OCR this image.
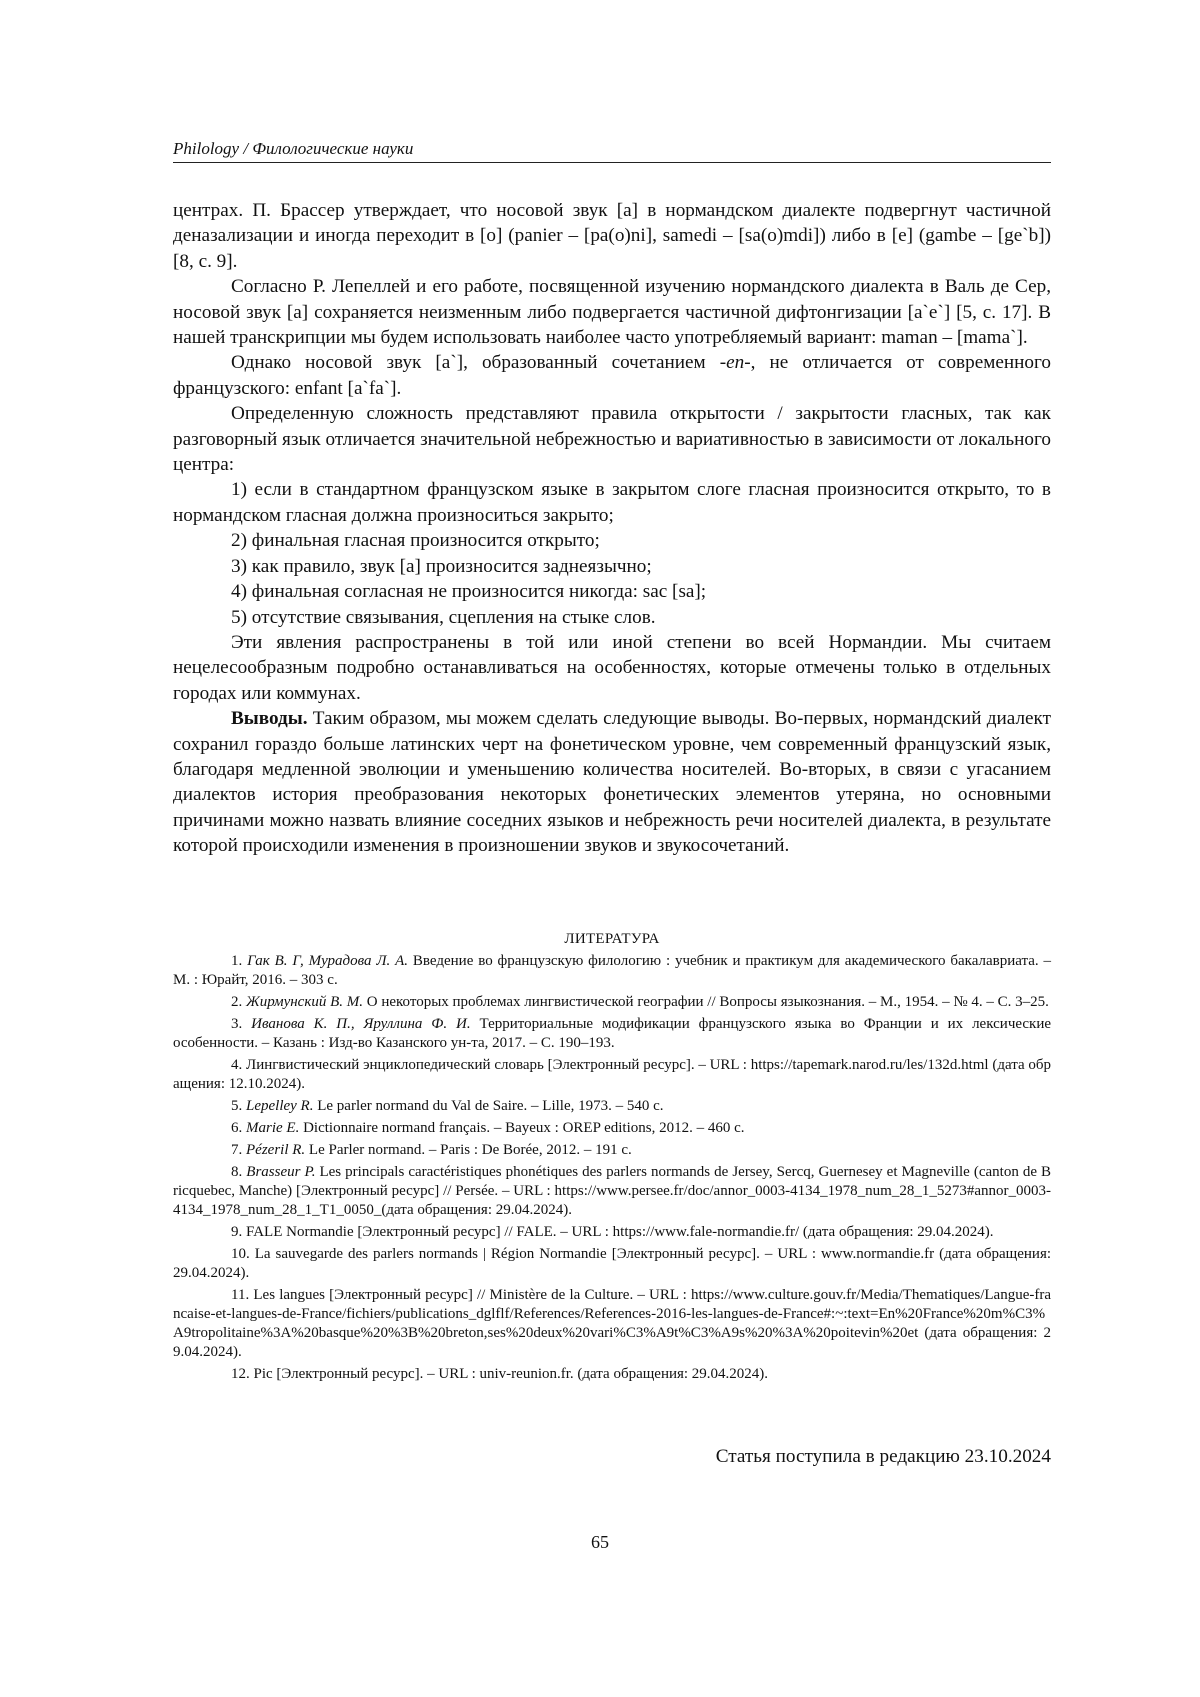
Philology / Филологические науки

центрах. П. Брассер утверждает, что носовой звук [a] в нормандском диалекте подвергнут частичной деназализации и иногда переходит в [o] (panier – [pa(o)ni], samedi – [sa(o)mdi]) либо в [e] (gambe – [ge`b]) [8, с. 9].

Согласно Р. Лепеллей и его работе, посвященной изучению нормандского диалекта в Валь де Сер, носовой звук [a] сохраняется неизменным либо подвергается частичной дифтонгизации [a`e`] [5, с. 17]. В нашей транскрипции мы будем использовать наиболее часто употребляемый вариант: maman – [mama`].

Однако носовой звук [a`], образованный сочетанием -en-, не отличается от современного французского: enfant [a`fa`].

Определенную сложность представляют правила открытости / закрытости гласных, так как разговорный язык отличается значительной небрежностью и вариативностью в зависимости от локального центра:

1) если в стандартном французском языке в закрытом слоге гласная произносится открыто, то в нормандском гласная должна произноситься закрыто;

2) финальная гласная произносится открыто;

3) как правило, звук [a] произносится заднеязычно;

4) финальная согласная не произносится никогда: sac [sa];

5) отсутствие связывания, сцепления на стыке слов.

Эти явления распространены в той или иной степени во всей Нормандии. Мы считаем нецелесообразным подробно останавливаться на особенностях, которые отмечены только в отдельных городах или коммунах.

Выводы. Таким образом, мы можем сделать следующие выводы. Во-первых, нормандский диалект сохранил гораздо больше латинских черт на фонетическом уровне, чем современный французский язык, благодаря медленной эволюции и уменьшению количества носителей. Во-вторых, в связи с угасанием диалектов история преобразования некоторых фонетических элементов утеряна, но основными причинами можно назвать влияние соседних языков и небрежность речи носителей диалекта, в результате которой происходили изменения в произношении звуков и звукосочетаний.

ЛИТЕРАТУРА

1. Гак В. Г, Мурадова Л. А. Введение во французскую филологию : учебник и практикум для академического бакалавриата. – М. : Юрайт, 2016. – 303 с.

2. Жирмунский В. М. О некоторых проблемах лингвистической географии // Вопросы языкознания. – М., 1954. – № 4. – С. 3–25.

3. Иванова К. П., Яруллина Ф. И. Территориальные модификации французского языка во Франции и их лексические особенности. – Казань : Изд-во Казанского ун-та, 2017. – С. 190–193.

4. Лингвистический энциклопедический словарь [Электронный ресурс]. – URL : https://tapemark.narod.ru/les/132d.html (дата обращения: 12.10.2024).

5. Lepelley R. Le parler normand du Val de Saire. – Lille, 1973. – 540 с.

6. Marie E. Dictionnaire normand français. – Bayeux : OREP editions, 2012. – 460 с.

7. Pézeril R. Le Parler normand. – Paris : De Borée, 2012. – 191 с.

8. Brasseur P. Les principals caractéristiques phonétiques des parlers normands de Jersey, Sercq, Guernesey et Magneville (canton de Bricquebec, Manche) [Электронный ресурс] // Persée. – URL : https://www.persee.fr/doc/annor_0003-4134_1978_num_28_1_5273#annor_0003-4134_1978_num_28_1_T1_0050_(дата обращения: 29.04.2024).

9. FALE Normandie [Электронный ресурс] // FALE. – URL : https://www.fale-normandie.fr/ (дата обращения: 29.04.2024).

10. La sauvegarde des parlers normands | Région Normandie [Электронный ресурс]. – URL : www.normandie.fr (дата обращения: 29.04.2024).

11. Les langues [Электронный ресурс] // Ministère de la Culture. – URL : https://www.culture.gouv.fr/Media/Thematiques/Langue-francaise-et-langues-de-France/fichiers/publications_dglflf/References/References-2016-les-langues-de-France#:~:text=En%20France%20m%C3%A9tropolitaine%3A%20basque%20%3B%20breton,ses%20deux%20vari%C3%A9t%C3%A9s%20%3A%20poitevin%20et (дата обращения: 29.04.2024).

12. Pic [Электронный ресурс]. – URL : univ-reunion.fr. (дата обращения: 29.04.2024).

Статья поступила в редакцию 23.10.2024
65
